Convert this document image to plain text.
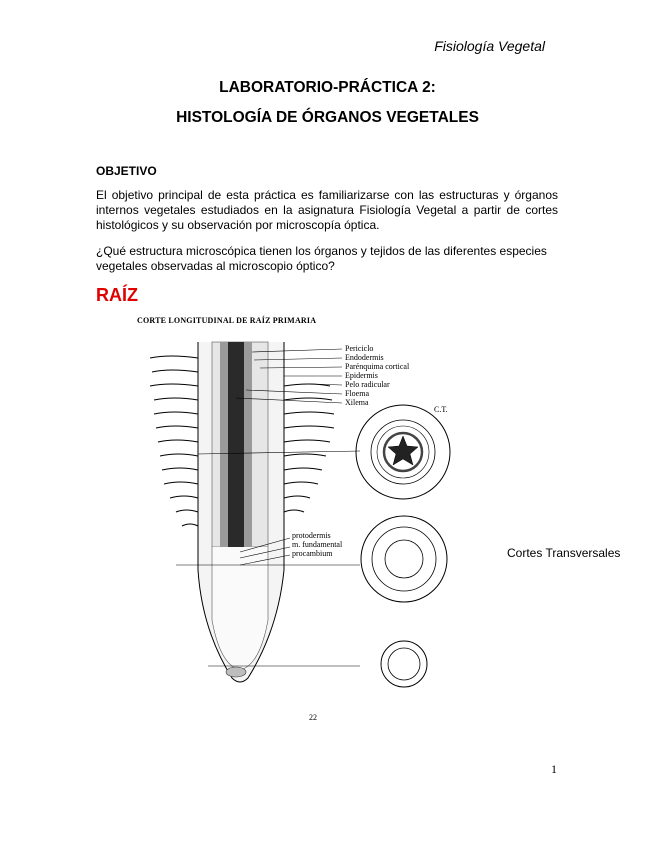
Fisiología Vegetal
LABORATORIO-PRÁCTICA 2:
HISTOLOGÍA DE ÓRGANOS VEGETALES
OBJETIVO
El objetivo principal de esta práctica es familiarizarse con las estructuras y órganos internos vegetales estudiados en la asignatura Fisiología Vegetal a partir de cortes histológicos y su observación por microscopía óptica.
¿Qué estructura microscópica tienen los órganos y tejidos de las diferentes especies vegetales observadas al microscopio óptico?
RAÍZ
CORTE LONGITUDINAL DE RAÍZ PRIMARIA
Periciclo
Endodermis
Parénquima cortical
Epidermis
Pelo radicular
Floema
Xilema
protodermis
m. fundamental
procambium
C.T.
Cortes Transversales
22
1
